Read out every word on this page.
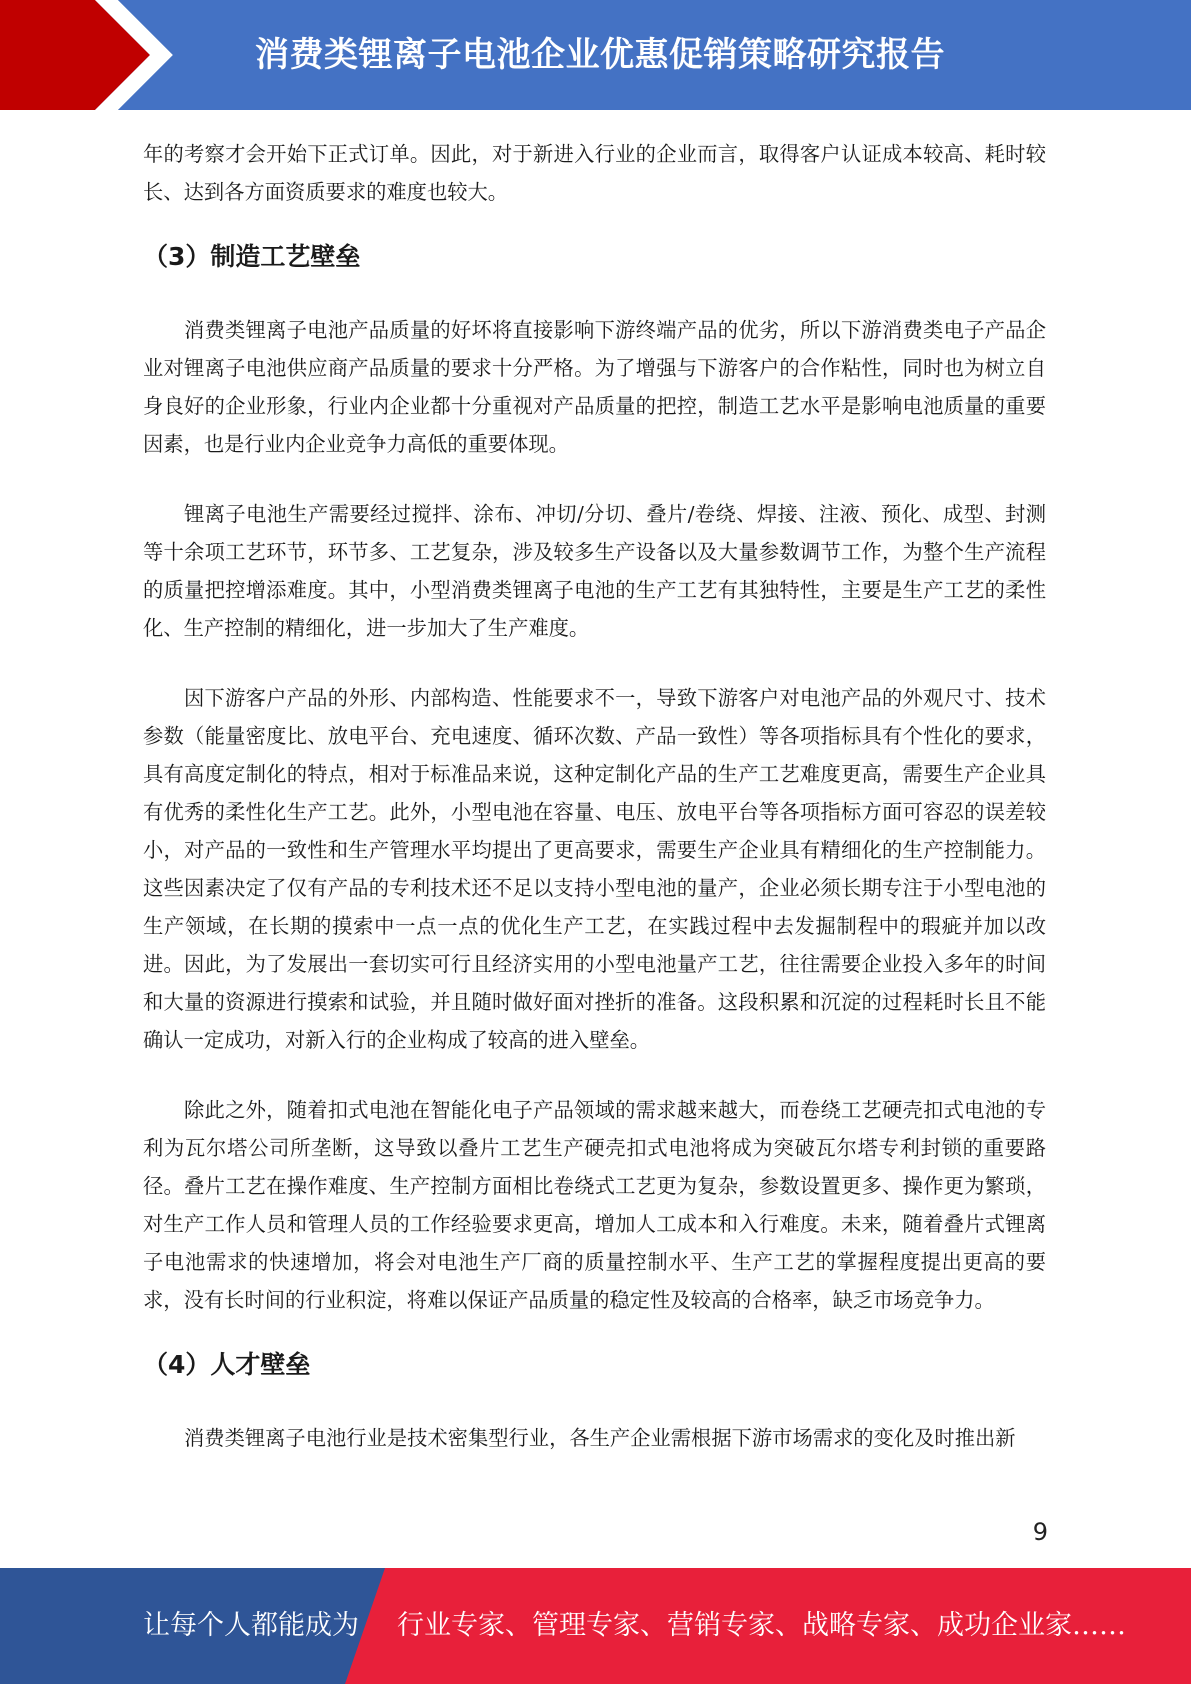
消费类锂离子电池企业优惠促销策略研究报告

年的考察才会开始下正式订单。因此，对于新进入行业的企业而言，取得客户认证成本较高、耗时较长、达到各方面资质要求的难度也较大。

（3）制造工艺壁垒

消费类锂离子电池产品质量的好坏将直接影响下游终端产品的优劣，所以下游消费类电子产品企业对锂离子电池供应商产品质量的要求十分严格。为了增强与下游客户的合作粘性，同时也为树立自身良好的企业形象，行业内企业都十分重视对产品质量的把控，制造工艺水平是影响电池质量的重要因素，也是行业内企业竞争力高低的重要体现。

锂离子电池生产需要经过搅拌、涂布、冲切/分切、叠片/卷绕、焊接、注液、预化、成型、封测等十余项工艺环节，环节多、工艺复杂，涉及较多生产设备以及大量参数调节工作，为整个生产流程的质量把控增添难度。其中，小型消费类锂离子电池的生产工艺有其独特性，主要是生产工艺的柔性化、生产控制的精细化，进一步加大了生产难度。

因下游客户产品的外形、内部构造、性能要求不一，导致下游客户对电池产品的外观尺寸、技术参数（能量密度比、放电平台、充电速度、循环次数、产品一致性）等各项指标具有个性化的要求，具有高度定制化的特点，相对于标准品来说，这种定制化产品的生产工艺难度更高，需要生产企业具有优秀的柔性化生产工艺。此外，小型电池在容量、电压、放电平台等各项指标方面可容忍的误差较小，对产品的一致性和生产管理水平均提出了更高要求，需要生产企业具有精细化的生产控制能力。这些因素决定了仅有产品的专利技术还不足以支持小型电池的量产，企业必须长期专注于小型电池的生产领域，在长期的摸索中一点一点的优化生产工艺，在实践过程中去发掘制程中的瑕疵并加以改进。因此，为了发展出一套切实可行且经济实用的小型电池量产工艺，往往需要企业投入多年的时间和大量的资源进行摸索和试验，并且随时做好面对挫折的准备。这段积累和沉淀的过程耗时长且不能确认一定成功，对新入行的企业构成了较高的进入壁垒。

除此之外，随着扣式电池在智能化电子产品领域的需求越来越大，而卷绕工艺硬壳扣式电池的专利为瓦尔塔公司所垄断，这导致以叠片工艺生产硬壳扣式电池将成为突破瓦尔塔专利封锁的重要路径。叠片工艺在操作难度、生产控制方面相比卷绕式工艺更为复杂，参数设置更多、操作更为繁琐，对生产工作人员和管理人员的工作经验要求更高，增加人工成本和入行难度。未来，随着叠片式锂离子电池需求的快速增加，将会对电池生产厂商的质量控制水平、生产工艺的掌握程度提出更高的要求，没有长时间的行业积淀，将难以保证产品质量的稳定性及较高的合格率，缺乏市场竞争力。

（4）人才壁垒

消费类锂离子电池行业是技术密集型行业，各生产企业需根据下游市场需求的变化及时推出新

9

让每个人都能成为 行业专家、管理专家、营销专家、战略专家、成功企业家……
